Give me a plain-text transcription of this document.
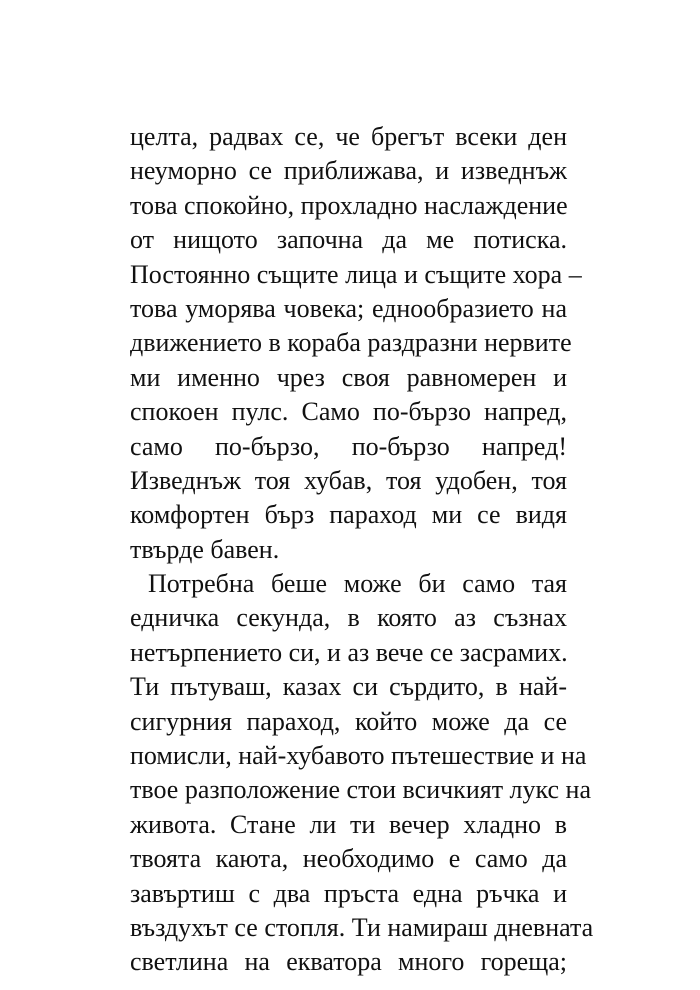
целта, радвах се, че брегът всеки ден
неуморно се приближава, и изведнъж
това спокойно, прохладно наслаждение
от нищото започна да ме потиска.
Постоянно същите лица и същите хора –
това уморява човека; еднообразието на
движението в кораба раздразни нервите
ми именно чрез своя равномерен и
спокоен пулс. Само по-бързо напред,
само по-бързо, по-бързо напред!
Изведнъж тоя хубав, тоя удобен, тоя
комфортен бърз параход ми се видя
твърде бавен.
Потребна беше може би само тая
едничка секунда, в която аз съзнах
нетърпението си, и аз вече се засрамих.
Ти пътуваш, казах си сърдито, в най-
сигурния параход, който може да се
помисли, най-хубавото пътешествие и на
твое разположение стои всичкият лукс на
живота. Стане ли ти вечер хладно в
твоята каюта, необходимо е само да
завъртиш с два пръста една ръчка и
въздухът се стопля. Ти намираш дневната
светлина на екватора много гореща;
